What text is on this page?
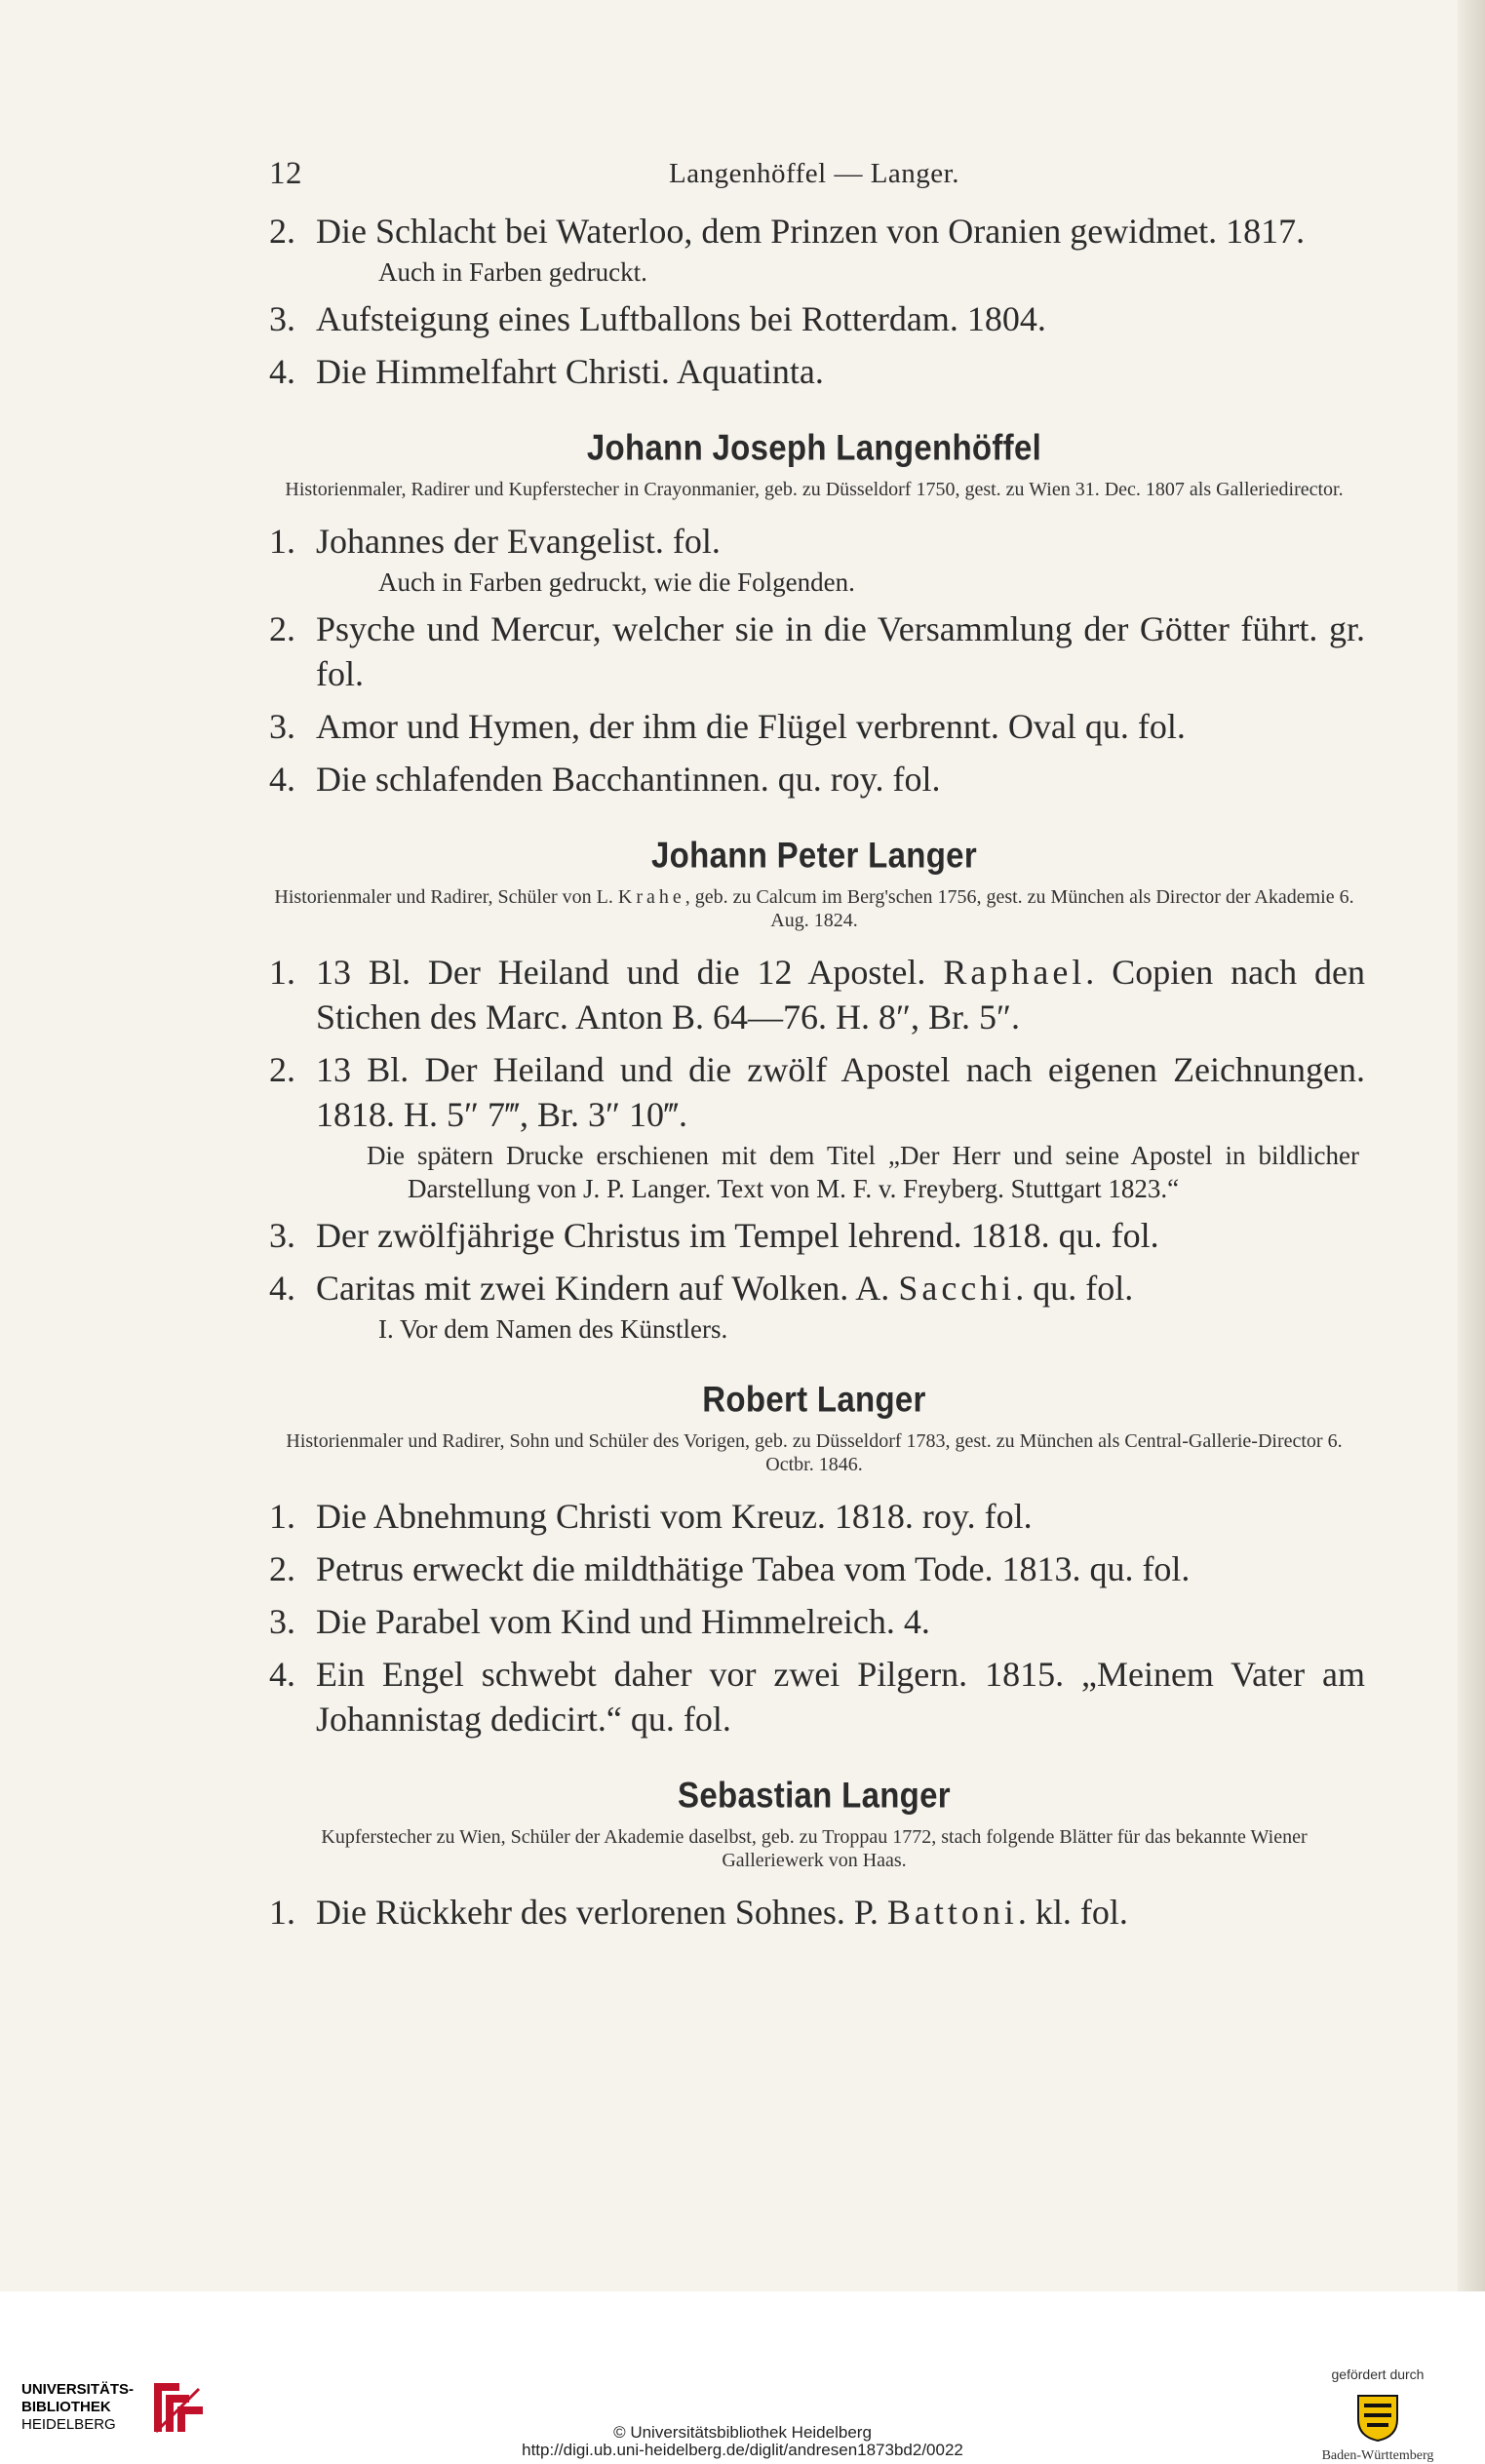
12	Langenhöffel — Langer.
2. Die Schlacht bei Waterloo, dem Prinzen von Oranien gewidmet. 1817.
Auch in Farben gedruckt.
3. Aufsteigung eines Luftballons bei Rotterdam. 1804.
4. Die Himmelfahrt Christi. Aquatinta.
Johann Joseph Langenhöffel
Historienmaler, Radirer und Kupferstecher in Crayonmanier, geb. zu Düsseldorf 1750, gest. zu Wien 31. Dec. 1807 als Galleriedirector.
1. Johannes der Evangelist. fol.
Auch in Farben gedruckt, wie die Folgenden.
2. Psyche und Mercur, welcher sie in die Versammlung der Götter führt. gr. fol.
3. Amor und Hymen, der ihm die Flügel verbrennt. Oval qu. fol.
4. Die schlafenden Bacchantinnen. qu. roy. fol.
Johann Peter Langer
Historienmaler und Radirer, Schüler von L. Krahe, geb. zu Calcum im Berg'schen 1756, gest. zu München als Director der Akademie 6. Aug. 1824.
1. 13 Bl. Der Heiland und die 12 Apostel. Raphael. Copien nach den Stichen des Marc. Anton B. 64—76. H. 8″, Br. 5″.
2. 13 Bl. Der Heiland und die zwölf Apostel nach eigenen Zeichnungen. 1818. H. 5″ 7‴, Br. 3″ 10‴.
Die spätern Drucke erschienen mit dem Titel „Der Herr und seine Apostel in bildlicher Darstellung von J. P. Langer. Text von M. F. v. Freyberg. Stuttgart 1823.“
3. Der zwölfjährige Christus im Tempel lehrend. 1818. qu. fol.
4. Caritas mit zwei Kindern auf Wolken. A. Sacchi. qu. fol.
I. Vor dem Namen des Künstlers.
Robert Langer
Historienmaler und Radirer, Sohn und Schüler des Vorigen, geb. zu Düsseldorf 1783, gest. zu München als Central-Gallerie-Director 6. Octbr. 1846.
1. Die Abnehmung Christi vom Kreuz. 1818. roy. fol.
2. Petrus erweckt die mildthätige Tabea vom Tode. 1813. qu. fol.
3. Die Parabel vom Kind und Himmelreich. 4.
4. Ein Engel schwebt daher vor zwei Pilgern. 1815. „Meinem Vater am Johannistag dedicirt.“ qu. fol.
Sebastian Langer
Kupferstecher zu Wien, Schüler der Akademie daselbst, geb. zu Troppau 1772, stach folgende Blätter für das bekannte Wiener Galleriewerk von Haas.
1. Die Rückkehr des verlorenen Sohnes. P. Battoni. kl. fol.
UNIVERSITÄTS-
BIBLIOTHEK
HEIDELBERG	© Universitätsbibliothek Heidelberg
http://digi.ub.uni-heidelberg.de/diglit/andresen1873bd2/0022
gefördert durch
Baden-Württemberg
